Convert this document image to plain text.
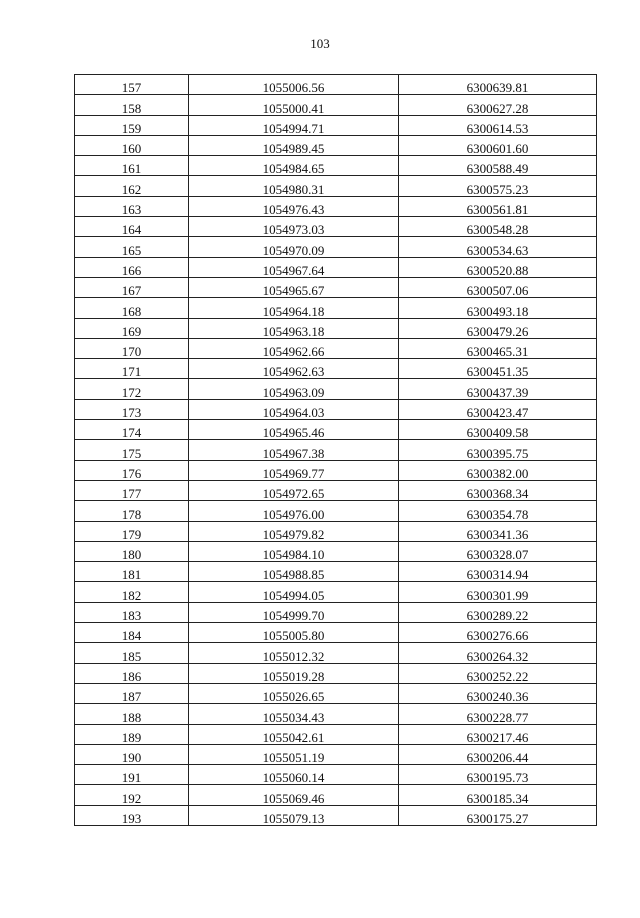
103
157	1055006.56	6300639.81
158	1055000.41	6300627.28
159	1054994.71	6300614.53
160	1054989.45	6300601.60
161	1054984.65	6300588.49
162	1054980.31	6300575.23
163	1054976.43	6300561.81
164	1054973.03	6300548.28
165	1054970.09	6300534.63
166	1054967.64	6300520.88
167	1054965.67	6300507.06
168	1054964.18	6300493.18
169	1054963.18	6300479.26
170	1054962.66	6300465.31
171	1054962.63	6300451.35
172	1054963.09	6300437.39
173	1054964.03	6300423.47
174	1054965.46	6300409.58
175	1054967.38	6300395.75
176	1054969.77	6300382.00
177	1054972.65	6300368.34
178	1054976.00	6300354.78
179	1054979.82	6300341.36
180	1054984.10	6300328.07
181	1054988.85	6300314.94
182	1054994.05	6300301.99
183	1054999.70	6300289.22
184	1055005.80	6300276.66
185	1055012.32	6300264.32
186	1055019.28	6300252.22
187	1055026.65	6300240.36
188	1055034.43	6300228.77
189	1055042.61	6300217.46
190	1055051.19	6300206.44
191	1055060.14	6300195.73
192	1055069.46	6300185.34
193	1055079.13	6300175.27
